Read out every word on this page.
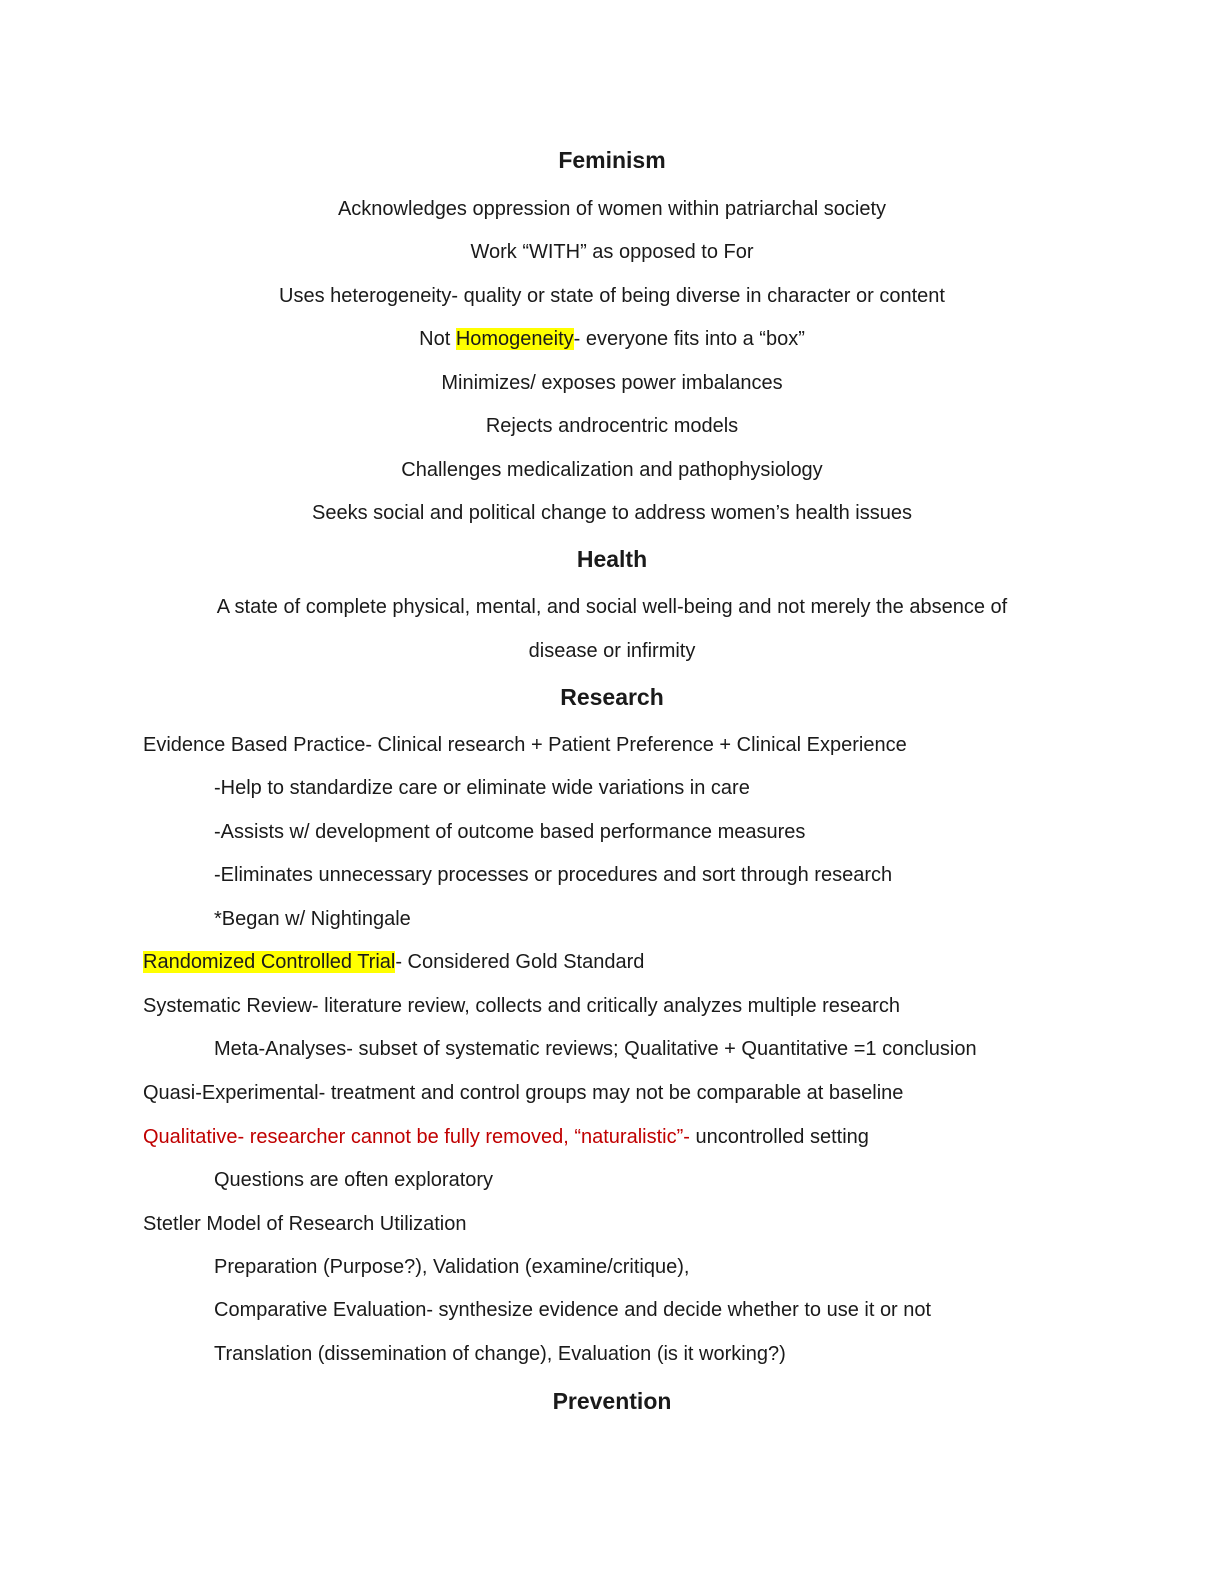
Feminism
Acknowledges oppression of women within patriarchal society
Work “WITH” as opposed to For
Uses heterogeneity- quality or state of being diverse in character or content
Not Homogeneity- everyone fits into a “box”
Minimizes/ exposes power imbalances
Rejects androcentric models
Challenges medicalization and pathophysiology
Seeks social and political change to address women’s health issues
Health
A state of complete physical, mental, and social well-being and not merely the absence of
disease or infirmity
Research
Evidence Based Practice- Clinical research + Patient Preference + Clinical Experience
-Help to standardize care or eliminate wide variations in care
-Assists w/ development of outcome based performance measures
-Eliminates unnecessary processes or procedures and sort through research
*Began w/ Nightingale
Randomized Controlled Trial- Considered Gold Standard
Systematic Review- literature review, collects and critically analyzes multiple research
Meta-Analyses- subset of systematic reviews; Qualitative + Quantitative =1 conclusion
Quasi-Experimental- treatment and control groups may not be comparable at baseline
Qualitative- researcher cannot be fully removed, “naturalistic”- uncontrolled setting
Questions are often exploratory
Stetler Model of Research Utilization
Preparation (Purpose?), Validation (examine/critique),
Comparative Evaluation- synthesize evidence and decide whether to use it or not
Translation (dissemination of change), Evaluation (is it working?)
Prevention
